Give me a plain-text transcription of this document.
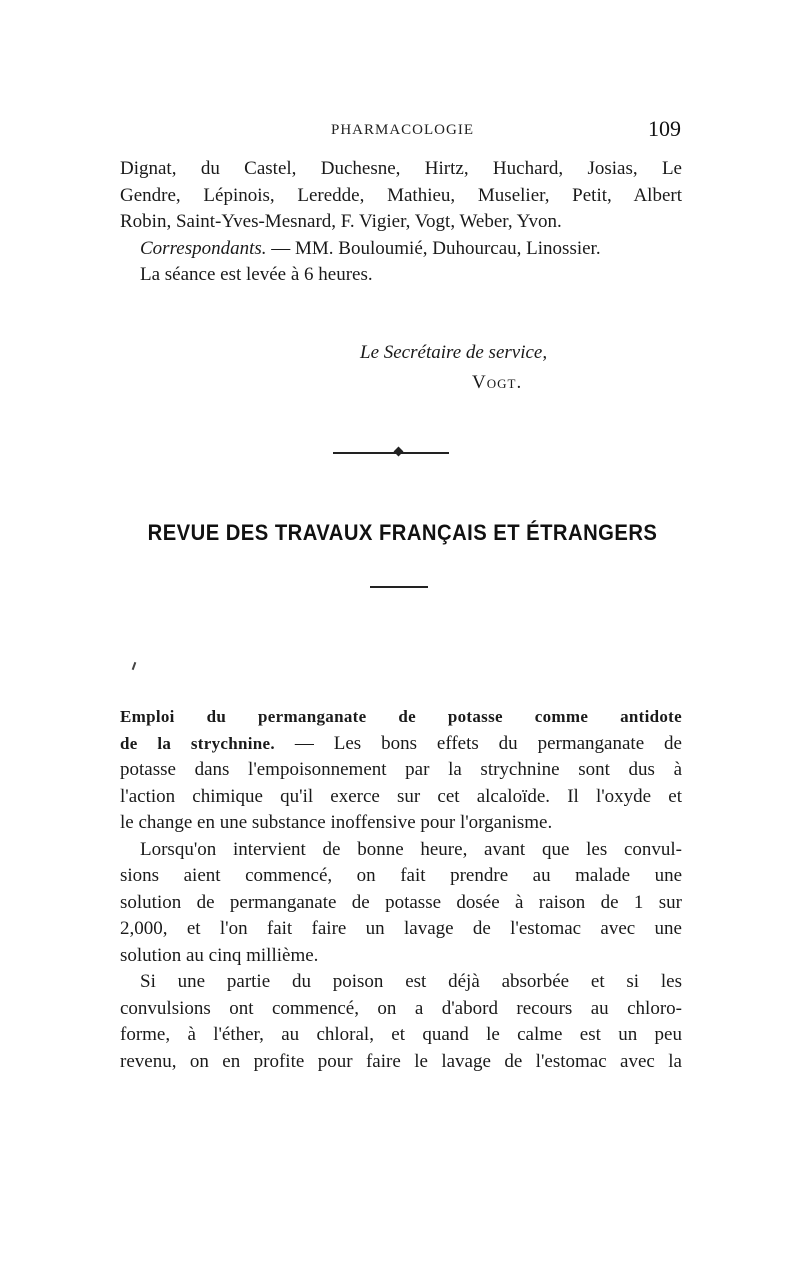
PHARMACOLOGIE	109
Dignat, du Castel, Duchesne, Hirtz, Huchard, Josias, Le
Gendre, Lépinois, Leredde, Mathieu, Muselier, Petit, Albert
Robin, Saint-Yves-Mesnard, F. Vigier, Vogt, Weber, Yvon.
Correspondants. — MM. Bouloumié, Duhourcau, Linossier.
La séance est levée à 6 heures.
Le Secrétaire de service,
Vogt.
REVUE DES TRAVAUX FRANÇAIS ET ÉTRANGERS
Emploi du permanganate de potasse comme antidote
de la strychnine. — Les bons effets du permanganate de
potasse dans l'empoisonnement par la strychnine sont dus à
l'action chimique qu'il exerce sur cet alcaloïde. Il l'oxyde et
le change en une substance inoffensive pour l'organisme.
Lorsqu'on intervient de bonne heure, avant que les convul-
sions aient commencé, on fait prendre au malade une
solution de permanganate de potasse dosée à raison de 1 sur
2,000, et l'on fait faire un lavage de l'estomac avec une
solution au cinq millième.
Si une partie du poison est déjà absorbée et si les
convulsions ont commencé, on a d'abord recours au chloro-
forme, à l'éther, au chloral, et quand le calme est un peu
revenu, on en profite pour faire le lavage de l'estomac avec la
